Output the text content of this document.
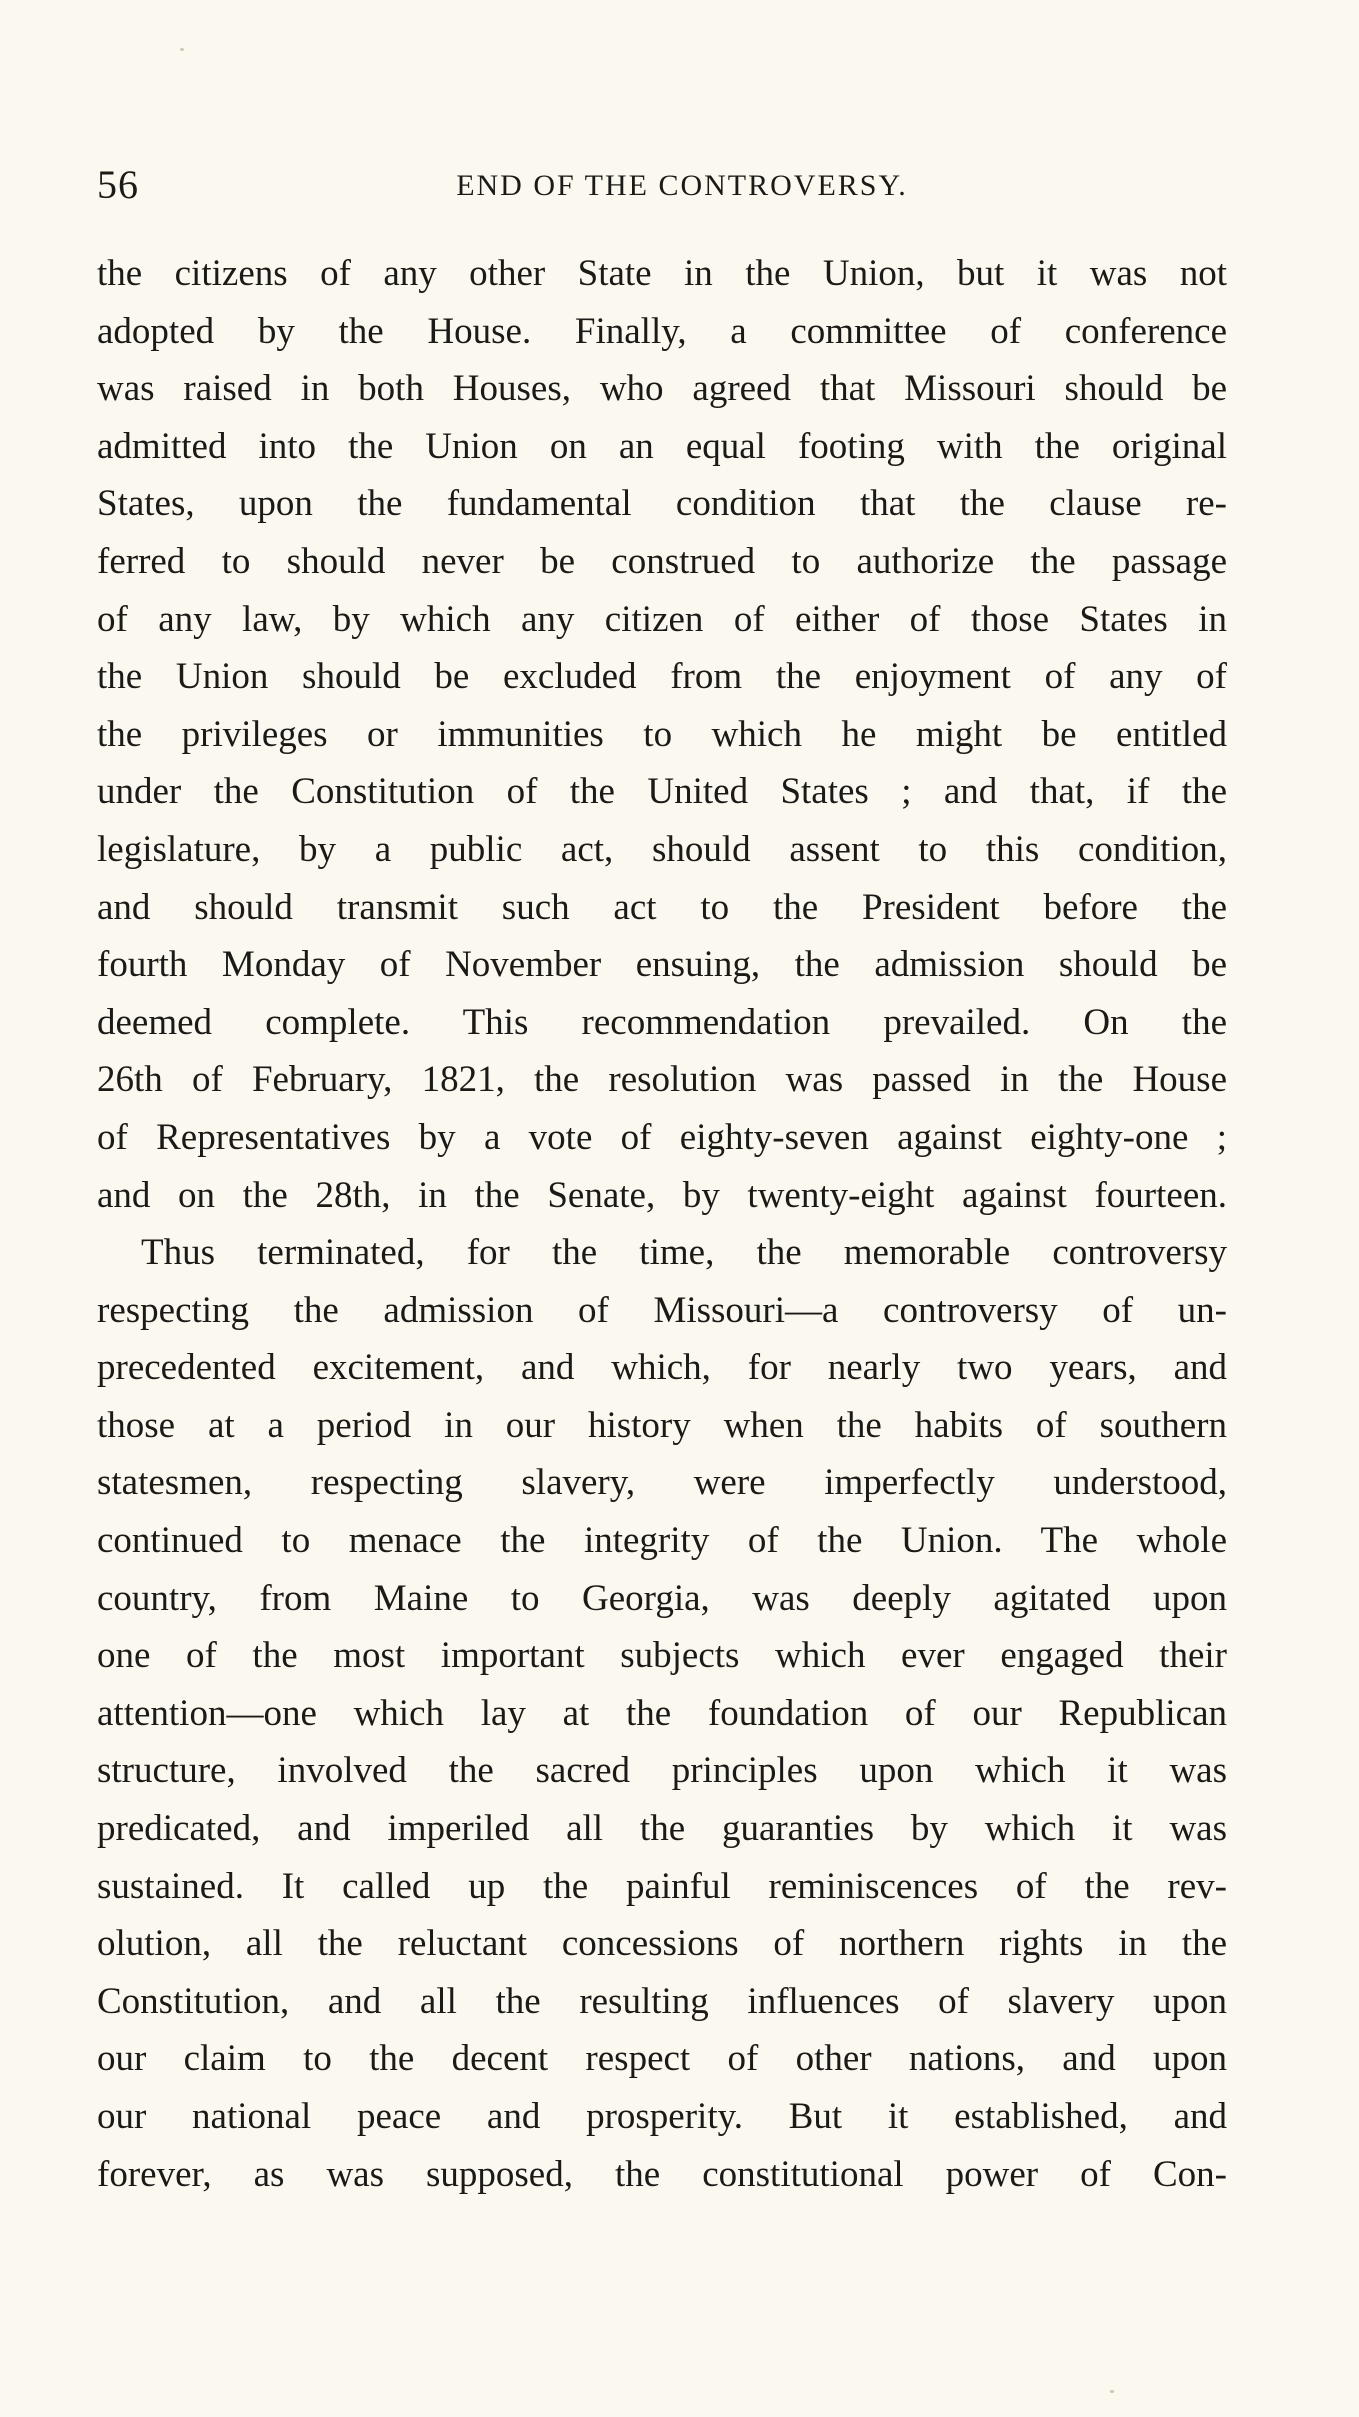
56	END OF THE CONTROVERSY.
the citizens of any other State in the Union, but it was not
adopted by the House. Finally, a committee of conference
was raised in both Houses, who agreed that Missouri should be
admitted into the Union on an equal footing with the original
States, upon the fundamental condition that the clause re-
ferred to should never be construed to authorize the passage
of any law, by which any citizen of either of those States in
the Union should be excluded from the enjoyment of any of
the privileges or immunities to which he might be entitled
under the Constitution of the United States ; and that, if the
legislature, by a public act, should assent to this condition,
and should transmit such act to the President before the
fourth Monday of November ensuing, the admission should be
deemed complete. This recommendation prevailed. On the
26th of February, 1821, the resolution was passed in the House
of Representatives by a vote of eighty-seven against eighty-one ;
and on the 28th, in the Senate, by twenty-eight against fourteen.
Thus terminated, for the time, the memorable controversy
respecting the admission of Missouri—a controversy of un-
precedented excitement, and which, for nearly two years, and
those at a period in our history when the habits of southern
statesmen, respecting slavery, were imperfectly understood,
continued to menace the integrity of the Union. The whole
country, from Maine to Georgia, was deeply agitated upon
one of the most important subjects which ever engaged their
attention—one which lay at the foundation of our Republican
structure, involved the sacred principles upon which it was
predicated, and imperiled all the guaranties by which it was
sustained. It called up the painful reminiscences of the rev-
olution, all the reluctant concessions of northern rights in the
Constitution, and all the resulting influences of slavery upon
our claim to the decent respect of other nations, and upon
our national peace and prosperity. But it established, and
forever, as was supposed, the constitutional power of Con-
